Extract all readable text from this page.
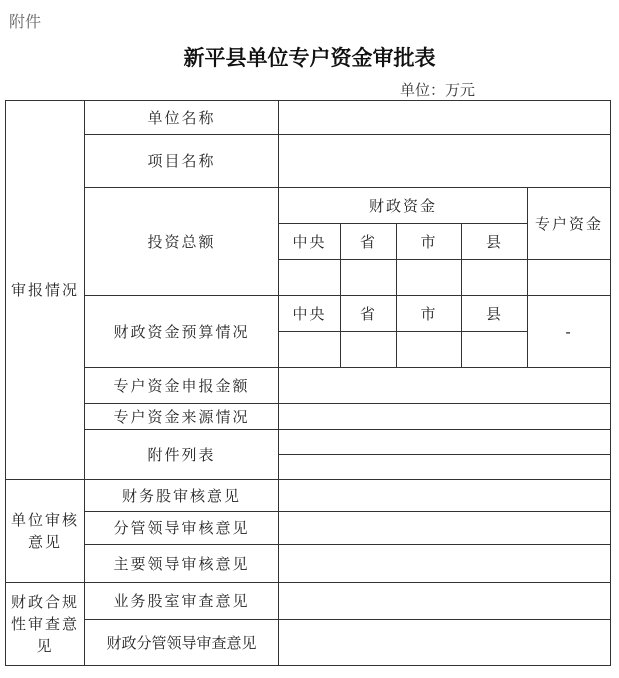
附件
新平县单位专户资金审批表
单位：万元
审报情况	单位名称					
	项目名称					
	投资总额	财政资金				专户资金
		中央	省	市	县	

	财政资金预算情况	中央	省	市	县	-

	专户资金申报金额					
	专户资金来源情况					
	附件列表					

单位审核意见	财务股审核意见					
	分管领导审核意见					
	主要领导审核意见					
财政合规性审查意见	业务股室审查意见					
	财政分管领导审查意见					
